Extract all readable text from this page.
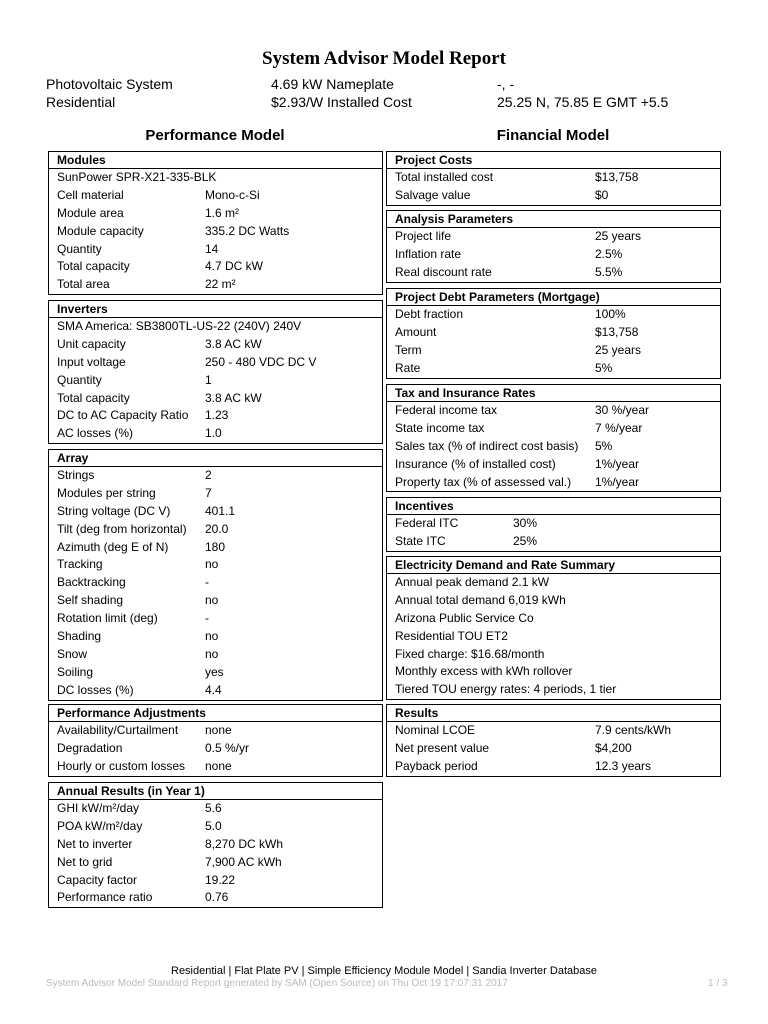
System Advisor Model Report
Photovoltaic System	4.69 kW Nameplate	-, -
Residential	$2.93/W Installed Cost	25.25 N, 75.85 E GMT +5.5
Performance Model	Financial Model
Modules
SunPower SPR-X21-335-BLK
Cell material	Mono-c-Si
Module area	1.6 m²
Module capacity	335.2 DC Watts
Quantity	14
Total capacity	4.7 DC kW
Total area	22 m²
Inverters
SMA America: SB3800TL-US-22 (240V) 240V
Unit capacity	3.8 AC kW
Input voltage	250 - 480 VDC DC V
Quantity	1
Total capacity	3.8 AC kW
DC to AC Capacity Ratio 1.23
AC losses (%)	1.0
Array
Strings	2
Modules per string	7
String voltage (DC V)	401.1
Tilt (deg from horizontal) 20.0
Azimuth (deg E of N)	180
Tracking	no
Backtracking	-
Self shading	no
Rotation limit (deg)	-
Shading	no
Snow	no
Soiling	yes
DC losses (%)	4.4
Performance Adjustments
Availability/Curtailment none
Degradation	0.5 %/yr
Hourly or custom losses none
Annual Results (in Year 1)
GHI kW/m²/day	5.6
POA kW/m²/day	5.0
Net to inverter	8,270 DC kWh
Net to grid	7,900 AC kWh
Capacity factor	19.22
Performance ratio	0.76
Project Costs
Total installed cost	$13,758
Salvage value	$0
Analysis Parameters
Project life	25 years
Inflation rate	2.5%
Real discount rate	5.5%
Project Debt Parameters (Mortgage)
Debt fraction	100%
Amount	$13,758
Term	25 years
Rate	5%
Tax and Insurance Rates
Federal income tax	30 %/year
State income tax	7 %/year
Sales tax (% of indirect cost basis) 5%
Insurance (% of installed cost)	1%/year
Property tax (% of assessed val.) 1%/year
Incentives
Federal ITC	30%
State ITC	25%
Electricity Demand and Rate Summary
Annual peak demand 2.1 kW
Annual total demand 6,019 kWh
Arizona Public Service Co
Residential TOU ET2
Fixed charge: $16.68/month
Monthly excess with kWh rollover
Tiered TOU energy rates: 4 periods, 1 tier
Results
Nominal LCOE	7.9 cents/kWh
Net present value	$4,200
Payback period	12.3 years
Residential | Flat Plate PV | Simple Efficiency Module Model | Sandia Inverter Database
System Advisor Model Standard Report generated by SAM (Open Source) on Thu Oct 19 17:07:31 2017	1 / 3
